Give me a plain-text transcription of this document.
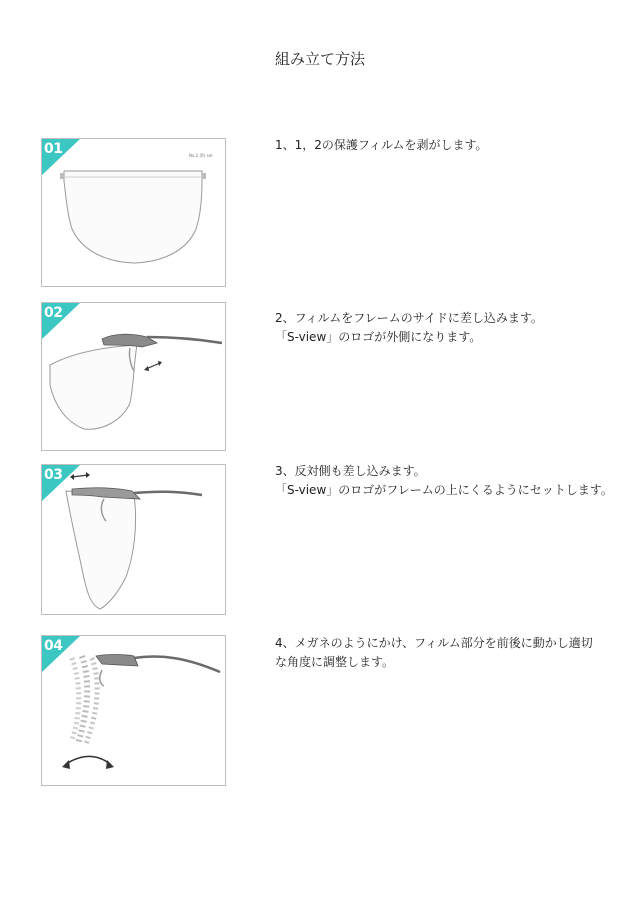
組み立て方法
01	No.2 (R) sel.
1、1，2の保護フィルムを剥がします。
02	2、フィルムをフレームのサイドに差し込みます。
「S-view」のロゴが外側になります。
03	3、反対側も差し込みます。
「S-view」のロゴがフレームの上にくるようにセットします。
04	4、メガネのようにかけ、フィルム部分を前後に動かし適切
な角度に調整します。
